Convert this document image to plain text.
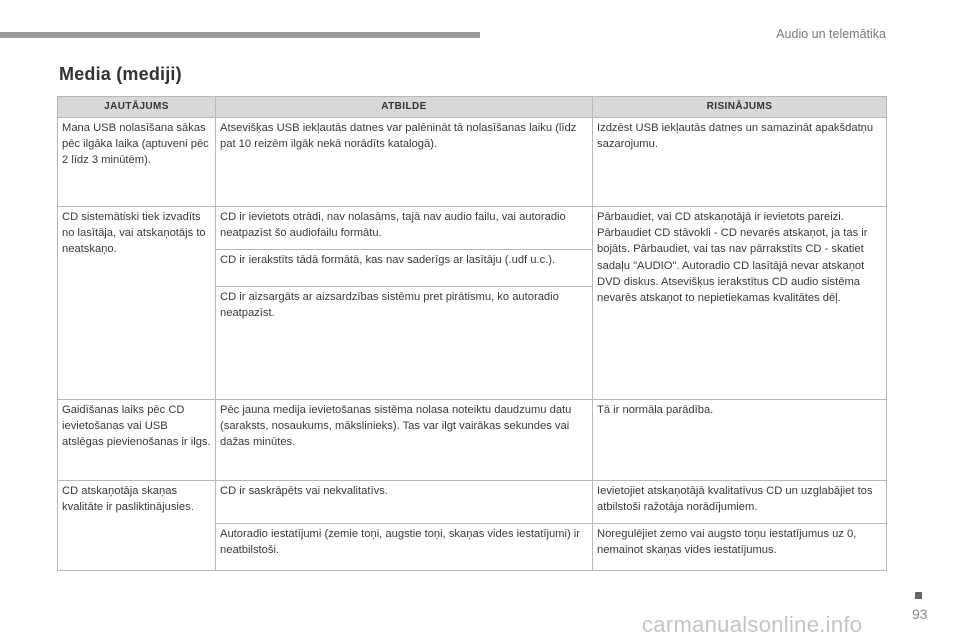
Audio un telemātika
Media (mediji)
JAUTĀJUMS	ATBILDE	RISINĀJUMS
Mana USB nolasīšana sākas pēc ilgāka laika (aptuveni pēc 2 līdz 3 minūtēm).	Atsevišķas USB iekļautās datnes var palēnināt tā nolasīšanas laiku (līdz pat 10 reizēm ilgāk nekā norādīts katalogā).	Izdzēst USB iekļautās datnes un samazināt apakšdatņu sazarojumu.
CD sistemātiski tiek izvadīts no lasītāja, vai atskaņotājs to neatskaņo.	CD ir ievietots otrādi, nav nolasāms, tajā nav audio failu, vai autoradio neatpazīst šo audiofailu formātu.	Pārbaudiet, vai CD atskaņotājā ir ievietots pareizi. Pārbaudiet CD stāvokli - CD nevarēs atskaņot, ja tas ir bojāts. Pārbaudiet, vai tas nav pārrakstīts CD - skatiet sadaļu "AUDIO". Autoradio CD lasītājā nevar atskaņot DVD diskus. Atsevišķus ierakstītus CD audio sistēma nevarēs atskaņot to nepietiekamas kvalitātes dēļ.
	CD ir ierakstīts tādā formātā, kas nav saderīgs ar lasītāju (.udf u.c.).	
	CD ir aizsargāts ar aizsardzības sistēmu pret pirātismu, ko autoradio neatpazīst.	
Gaidīšanas laiks pēc CD ievietošanas vai USB atslēgas pievienošanas ir ilgs.	Pēc jauna medija ievietošanas sistēma nolasa noteiktu daudzumu datu (saraksts, nosaukums, mākslinieks). Tas var ilgt vairākas sekundes vai dažas minūtes.	Tā ir normāla parādība.
CD atskaņotāja skaņas kvalitāte ir pasliktinājusies.	CD ir saskrāpēts vai nekvalitatīvs.	Ievietojiet atskaņotājā kvalitatīvus CD un uzglabājiet tos atbilstoši ražotāja norādījumiem.
	Autoradio iestatījumi (zemie toņi, augstie toņi, skaņas vides iestatījumi) ir neatbilstoši.	Noregulējiet zemo vai augsto toņu iestatījumus uz 0, nemainot skaņas vides iestatījumus.
93
carmanualsonline.info
